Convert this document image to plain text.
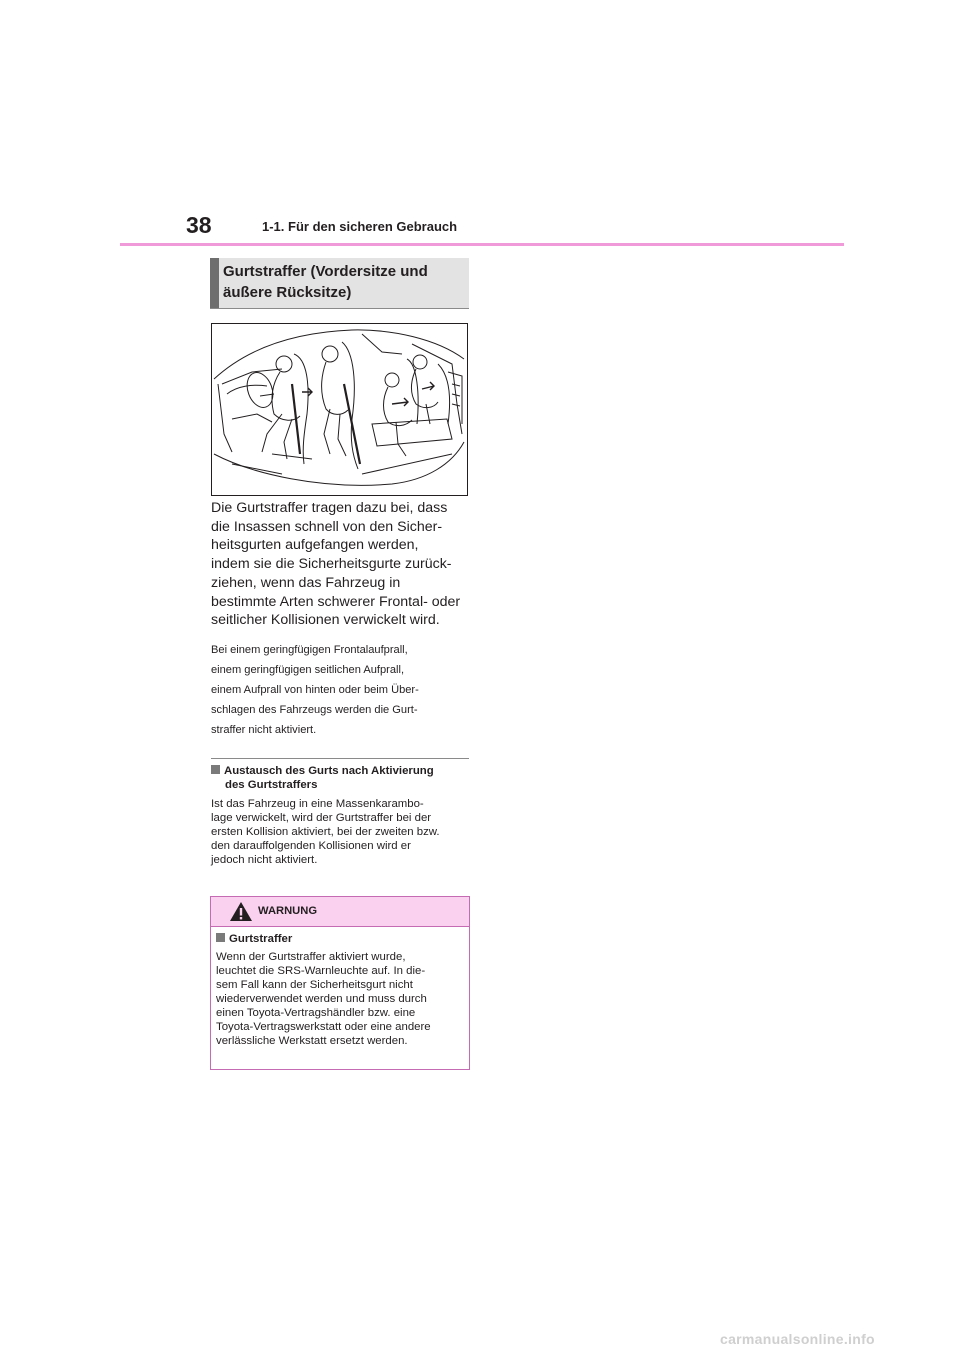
38	1-1. Für den sicheren Gebrauch
Gurtstraffer (Vordersitze und
äußere Rücksitze)
Die Gurtstraffer tragen dazu bei, dass
die Insassen schnell von den Sicher-
heitsgurten aufgefangen werden,
indem sie die Sicherheitsgurte zurück-
ziehen, wenn das Fahrzeug in
bestimmte Arten schwerer Frontal- oder
seitlicher Kollisionen verwickelt wird.
Bei einem geringfügigen Frontalaufprall,
einem geringfügigen seitlichen Aufprall,
einem Aufprall von hinten oder beim Über-
schlagen des Fahrzeugs werden die Gurt-
straffer nicht aktiviert.
Austausch des Gurts nach Aktivierung
des Gurtstraffers
Ist das Fahrzeug in eine Massenkarambo-
lage verwickelt, wird der Gurtstraffer bei der
ersten Kollision aktiviert, bei der zweiten bzw.
den darauffolgenden Kollisionen wird er
jedoch nicht aktiviert.
WARNUNG
Gurtstraffer
Wenn der Gurtstraffer aktiviert wurde,
leuchtet die SRS-Warnleuchte auf. In die-
sem Fall kann der Sicherheitsgurt nicht
wiederverwendet werden und muss durch
einen Toyota-Vertragshändler bzw. eine
Toyota-Vertragswerkstatt oder eine andere
verlässliche Werkstatt ersetzt werden.
carmanualsonline.info
